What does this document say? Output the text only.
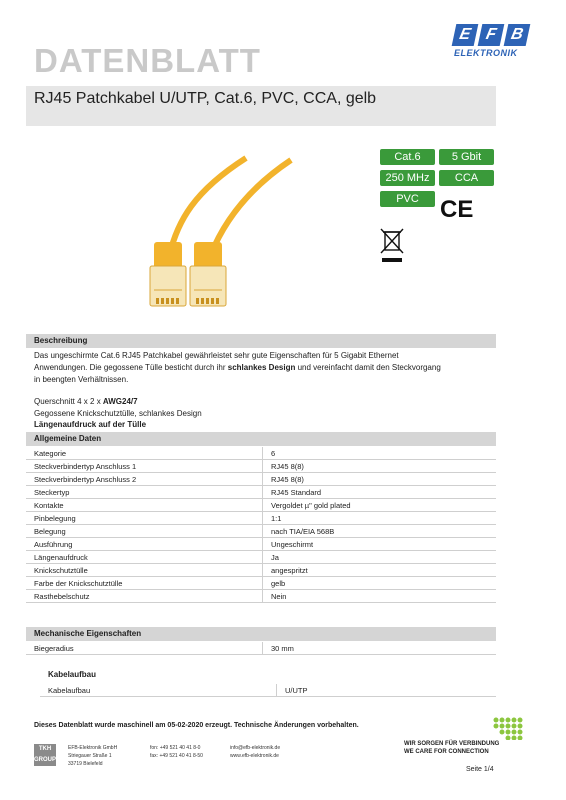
DATENBLATT
E F B
ELEKTRONIK
RJ45 Patchkabel U/UTP, Cat.6, PVC, CCA, gelb
Cat.6	5 Gbit
250 MHz	CCA
PVC CE
Beschreibung
Das ungeschirmte Cat.6 RJ45 Patchkabel gewährleistet sehr gute Eigenschaften für 5 Gigabit Ethernet
Anwendungen. Die gegossene Tülle besticht durch ihr schlankes Design und vereinfacht damit den Steckvorgang
in beengten Verhältnissen.
Querschnitt 4 x 2 x AWG24/7
Gegossene Knickschutztülle, schlankes Design
Längenaufdruck auf der Tülle
Allgemeine Daten
Kategorie	6
Steckverbindertyp Anschluss 1	RJ45 8(8)
Steckverbindertyp Anschluss 2	RJ45 8(8)
Steckertyp	RJ45 Standard
Kontakte	Vergoldet µ" gold plated
Pinbelegung	1:1
Belegung	nach TIA/EIA 568B
Ausführung	Ungeschirmt
Längenaufdruck	Ja
Knickschutztülle	angespritzt
Farbe der Knickschutztülle	gelb
Rasthebelschutz	Nein
Mechanische Eigenschaften
Biegeradius	30 mm
Kabelaufbau
Kabelaufbau	U/UTP
Dieses Datenblatt wurde maschinell am 05-02-2020 erzeugt. Technische Änderungen vorbehalten.
TKH GROUP
EFB-Elektronik GmbH
Striegauer Straße 1
33719 Bielefeld
fon: +49 521 40 41 8-0
fax: +49 521 40 41 8-50
info@efb-elektronik.de
www.efb-elektronik.de
WIR SORGEN FÜR VERBINDUNG
WE CARE FOR CONNECTION
Seite 1/4
